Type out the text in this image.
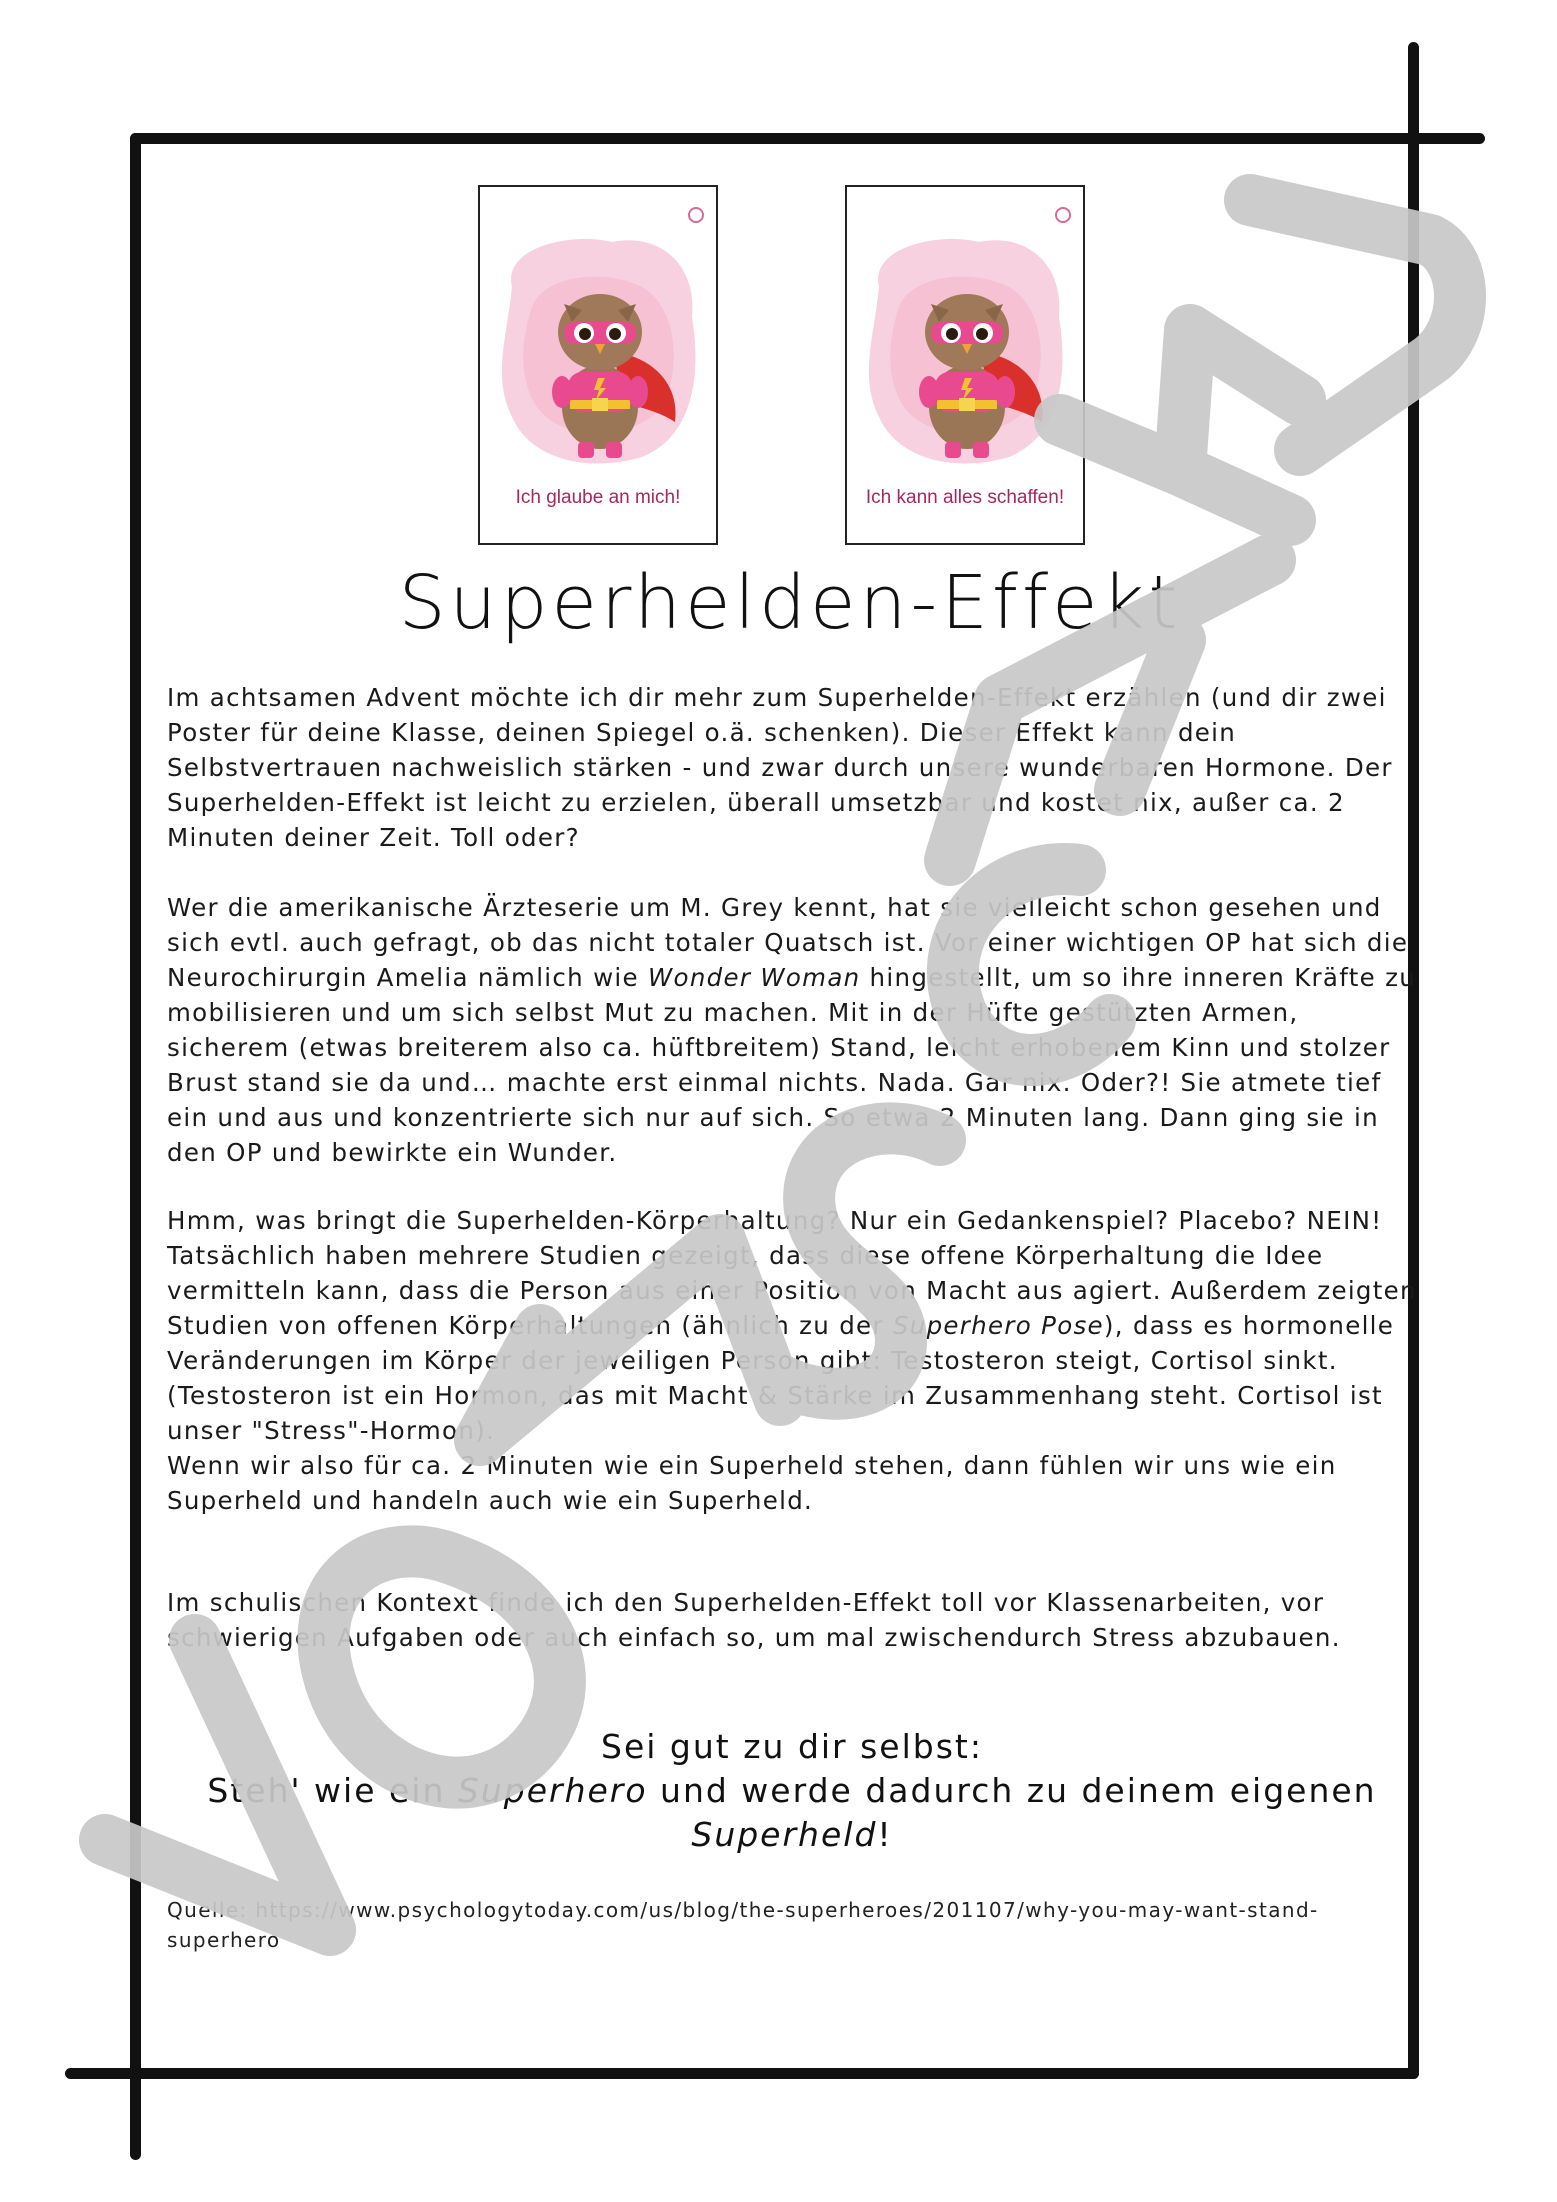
Ich glaube an mich!	Ich kann alles schaffen!
Superhelden-Effekt

Im achtsamen Advent möchte ich dir mehr zum Superhelden-Effekt erzählen (und dir zwei Poster für deine Klasse, deinen Spiegel o.ä. schenken). Dieser Effekt kann dein Selbstvertrauen nachweislich stärken - und zwar durch unsere wunderbaren Hormone. Der Superhelden-Effekt ist leicht zu erzielen, überall umsetzbar und kostet nix, außer ca. 2 Minuten deiner Zeit. Toll oder?

Wer die amerikanische Ärzteserie um M. Grey kennt, hat sie vielleicht schon gesehen und sich evtl. auch gefragt, ob das nicht totaler Quatsch ist. Vor einer wichtigen OP hat sich die Neurochirurgin Amelia nämlich wie Wonder Woman hingestellt, um so ihre inneren Kräfte zu mobilisieren und um sich selbst Mut zu machen. Mit in der Hüfte gestützten Armen, sicherem (etwas breiterem also ca. hüftbreitem) Stand, leicht erhobenem Kinn und stolzer Brust stand sie da und… machte erst einmal nichts. Nada. Gar nix. Oder?! Sie atmete tief ein und aus und konzentrierte sich nur auf sich. So etwa 2 Minuten lang. Dann ging sie in den OP und bewirkte ein Wunder.

Hmm, was bringt die Superhelden-Körperhaltung? Nur ein Gedankenspiel? Placebo? NEIN! Tatsächlich haben mehrere Studien gezeigt, dass diese offene Körperhaltung die Idee vermitteln kann, dass die Person aus einer Position von Macht aus agiert. Außerdem zeigten Studien von offenen Körperhaltungen (ähnlich zu der Superhero Pose), dass es hormonelle Veränderungen im Körper der jeweiligen Person gibt: Testosteron steigt, Cortisol sinkt. (Testosteron ist ein Hormon, das mit Macht & Stärke im Zusammenhang steht. Cortisol ist unser "Stress"-Hormon).
Wenn wir also für ca. 2 Minuten wie ein Superheld stehen, dann fühlen wir uns wie ein Superheld und handeln auch wie ein Superheld.

Im schulischen Kontext finde ich den Superhelden-Effekt toll vor Klassenarbeiten, vor schwierigen Aufgaben oder auch einfach so, um mal zwischendurch Stress abzubauen.

Sei gut zu dir selbst:
Steh' wie ein Superhero und werde dadurch zu deinem eigenen
Superheld!
Quelle: https://www.psychologytoday.com/us/blog/the-superheroes/201107/why-you-may-want-stand-superhero
